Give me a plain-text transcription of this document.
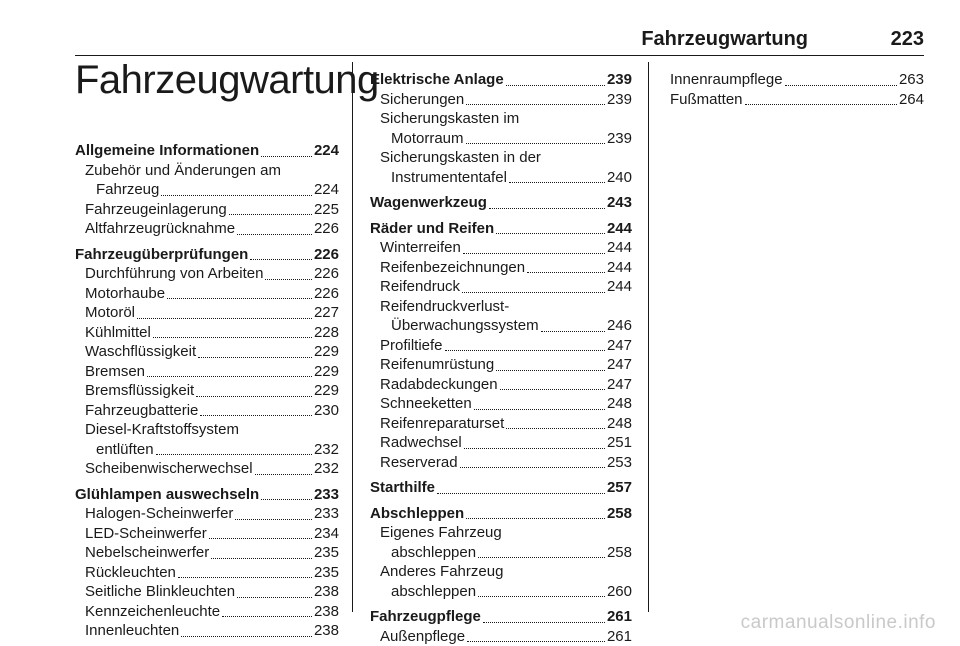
Fahrzeugwartung	223
Fahrzeugwartung
Allgemeine Informationen	224
Zubehör und Änderungen am
Fahrzeug	224
Fahrzeugeinlagerung	225
Altfahrzeugrücknahme	226
Fahrzeugüberprüfungen	226
Durchführung von Arbeiten	226
Motorhaube	226
Motoröl	227
Kühlmittel	228
Waschflüssigkeit	229
Bremsen	229
Bremsflüssigkeit	229
Fahrzeugbatterie	230
Diesel-Kraftstoffsystem
entlüften	232
Scheibenwischerwechsel	232
Glühlampen auswechseln	233
Halogen-Scheinwerfer	233
LED-Scheinwerfer	234
Nebelscheinwerfer	235
Rückleuchten	235
Seitliche Blinkleuchten	238
Kennzeichenleuchte	238
Innenleuchten	238
Elektrische Anlage	239
Sicherungen	239
Sicherungskasten im
Motorraum	239
Sicherungskasten in der
Instrumententafel	240
Wagenwerkzeug	243
Räder und Reifen	244
Winterreifen	244
Reifenbezeichnungen	244
Reifendruck	244
Reifendruckverlust-
Überwachungssystem	246
Profiltiefe	247
Reifenumrüstung	247
Radabdeckungen	247
Schneeketten	248
Reifenreparaturset	248
Radwechsel	251
Reserverad	253
Starthilfe	257
Abschleppen	258
Eigenes Fahrzeug
abschleppen	258
Anderes Fahrzeug
abschleppen	260
Fahrzeugpflege	261
Außenpflege	261
Innenraumpflege	263
Fußmatten	264
carmanualsonline.info
